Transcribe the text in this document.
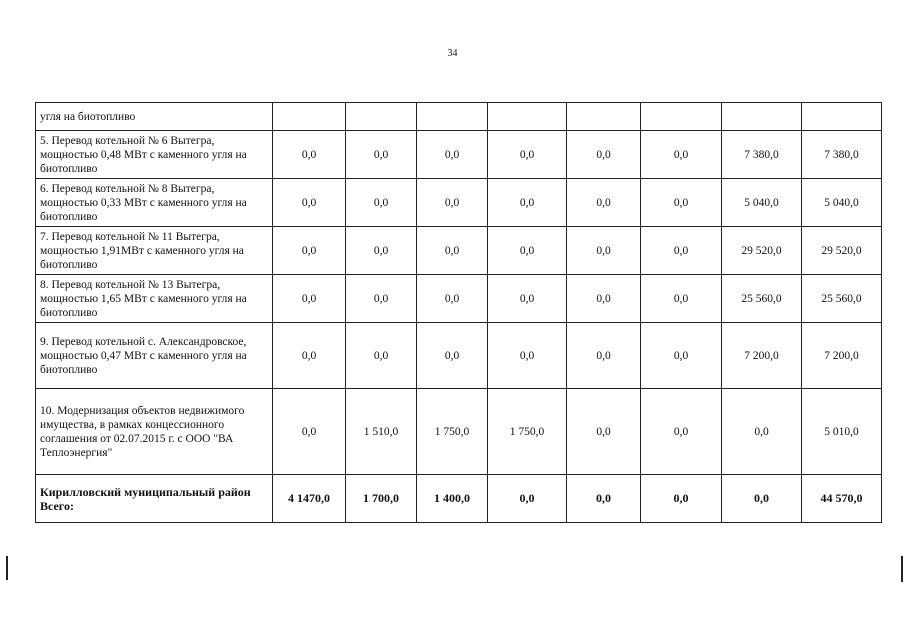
34
угля на биотопливо								
5. Перевод котельной № 6 Вытегра, мощностью 0,48 МВт с каменного угля на биотопливо	0,0	0,0	0,0	0,0	0,0	0,0	7 380,0	7 380,0
6. Перевод котельной № 8 Вытегра, мощностью 0,33 МВт с каменного угля на биотопливо	0,0	0,0	0,0	0,0	0,0	0,0	5 040,0	5 040,0
7. Перевод котельной № 11 Вытегра, мощностью 1,91МВт с каменного угля на биотопливо	0,0	0,0	0,0	0,0	0,0	0,0	29 520,0	29 520,0
8. Перевод котельной № 13 Вытегра, мощностью 1,65 МВт с каменного угля на биотопливо	0,0	0,0	0,0	0,0	0,0	0,0	25 560,0	25 560,0
9. Перевод котельной с. Александровское, мощностью 0,47 МВт с каменного угля на биотопливо	0,0	0,0	0,0	0,0	0,0	0,0	7 200,0	7 200,0
10. Модернизация объектов недвижимого имущества, в рамках концессионного соглашения от 02.07.2015 г. с ООО "ВА Теплоэнергия"	0,0	1 510,0	1 750,0	1 750,0	0,0	0,0	0,0	5 010,0
Кирилловский муниципальный район
Всего:	4 1470,0	1 700,0	1 400,0	0,0	0,0	0,0	0,0	44 570,0
